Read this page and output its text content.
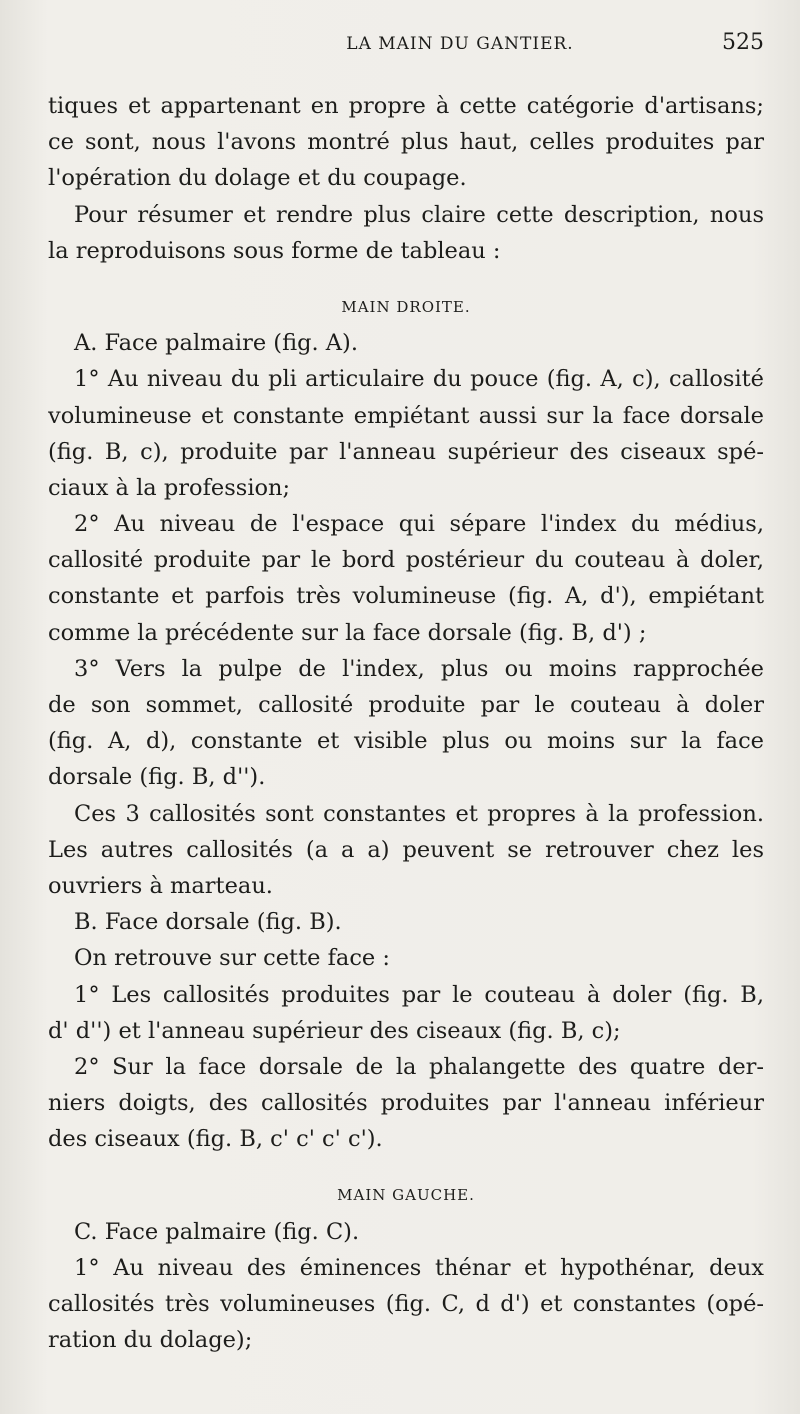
LA MAIN DU GANTIER.	525
tiques et appartenant en propre à cette catégorie d'artisans;
ce sont, nous l'avons montré plus haut, celles produites par
l'opération du dolage et du coupage.
Pour résumer et rendre plus claire cette description, nous
la reproduisons sous forme de tableau :
MAIN DROITE.
A. Face palmaire (fig. A).
1° Au niveau du pli articulaire du pouce (fig. A, c), callosité
volumineuse et constante empiétant aussi sur la face dorsale
(fig. B, c), produite par l'anneau supérieur des ciseaux spé-
ciaux à la profession;
2° Au niveau de l'espace qui sépare l'index du médius,
callosité produite par le bord postérieur du couteau à doler,
constante et parfois très volumineuse (fig. A, d'), empiétant
comme la précédente sur la face dorsale (fig. B, d') ;
3° Vers la pulpe de l'index, plus ou moins rapprochée
de son sommet, callosité produite par le couteau à doler
(fig. A, d), constante et visible plus ou moins sur la face
dorsale (fig. B, d'').
Ces 3 callosités sont constantes et propres à la profession.
Les autres callosités (a a a) peuvent se retrouver chez les
ouvriers à marteau.
B. Face dorsale (fig. B).
On retrouve sur cette face :
1° Les callosités produites par le couteau à doler (fig. B,
d' d'') et l'anneau supérieur des ciseaux (fig. B, c);
2° Sur la face dorsale de la phalangette des quatre der-
niers doigts, des callosités produites par l'anneau inférieur
des ciseaux (fig. B, c' c' c' c').
MAIN GAUCHE.
C. Face palmaire (fig. C).
1° Au niveau des éminences thénar et hypothénar, deux
callosités très volumineuses (fig. C, d d') et constantes (opé-
ration du dolage);
